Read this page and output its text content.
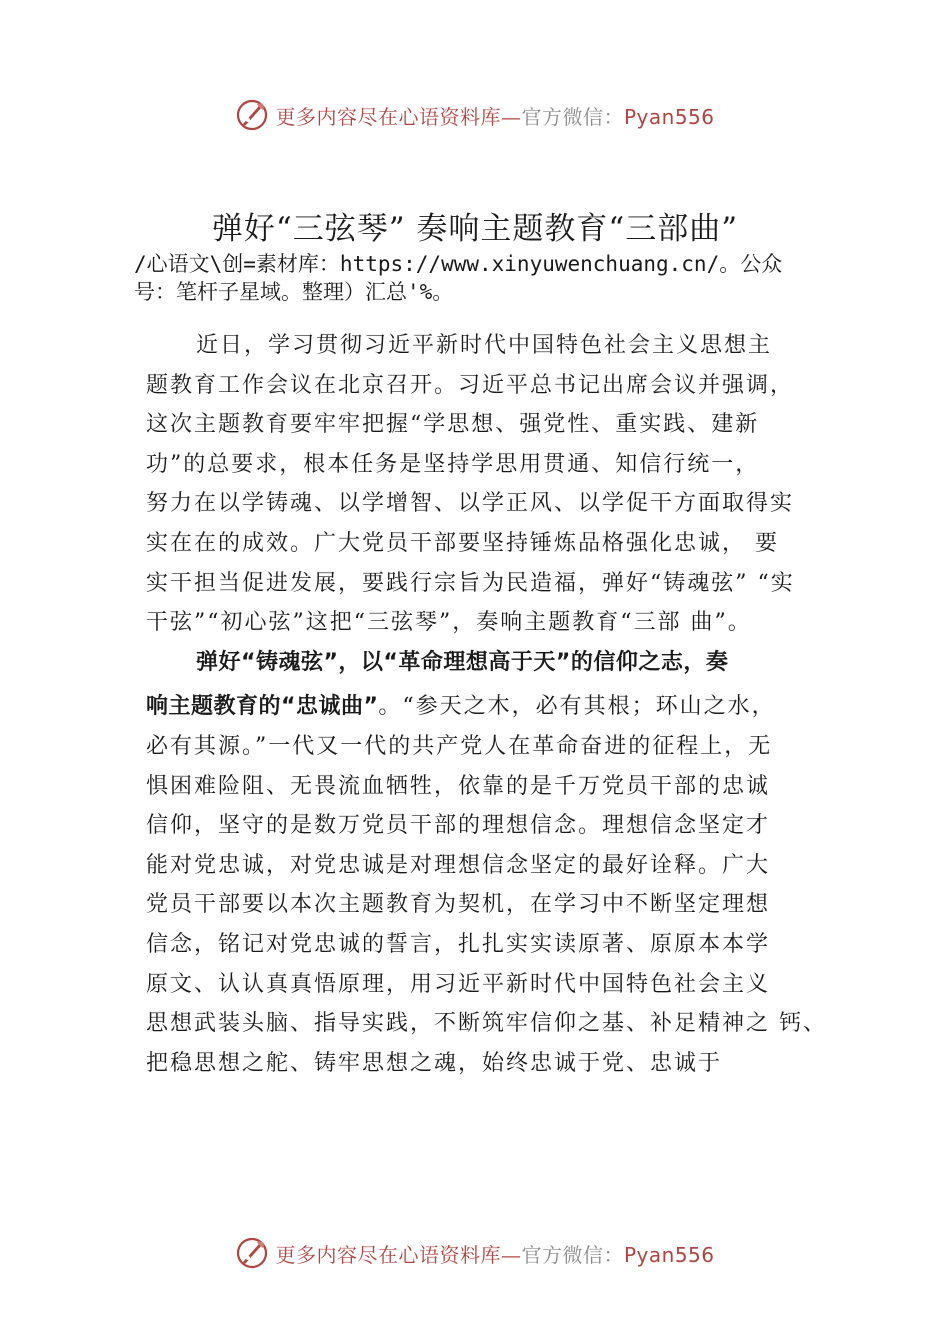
更多内容尽在心语资料库—官方微信：Pyan556
弹好“三弦琴” 奏响主题教育“三部曲”
/心语文\创=素材库：https://www.xinyuwenchuang.cn/。公众
号：笔杆子星域。整理）汇总'%。
近日，学习贯彻习近平新时代中国特色社会主义思想主
题教育工作会议在北京召开。习近平总书记出席会议并强调，
这次主题教育要牢牢把握“学思想、强党性、重实践、建新
功”的总要求，根本任务是坚持学思用贯通、知信行统一，
努力在以学铸魂、以学增智、以学正风、以学促干方面取得实
实在在的成效。广大党员干部要坚持锤炼品格强化忠诚， 要
实干担当促进发展，要践行宗旨为民造福，弹好“铸魂弦” “实
干弦”“初心弦”这把“三弦琴”，奏响主题教育“三部 曲”。
弹好“铸魂弦”，以“革命理想高于天”的信仰之志，奏
响主题教育的“忠诚曲”。“参天之木，必有其根；环山之水，
必有其源。”一代又一代的共产党人在革命奋进的征程上，无
惧困难险阻、无畏流血牺牲，依靠的是千万党员干部的忠诚
信仰，坚守的是数万党员干部的理想信念。理想信念坚定才
能对党忠诚，对党忠诚是对理想信念坚定的最好诠释。广大
党员干部要以本次主题教育为契机，在学习中不断坚定理想
信念，铭记对党忠诚的誓言，扎扎实实读原著、原原本本学
原文、认认真真悟原理，用习近平新时代中国特色社会主义
思想武装头脑、指导实践，不断筑牢信仰之基、补足精神之 钙、
把稳思想之舵、铸牢思想之魂，始终忠诚于党、忠诚于
更多内容尽在心语资料库—官方微信：Pyan556
